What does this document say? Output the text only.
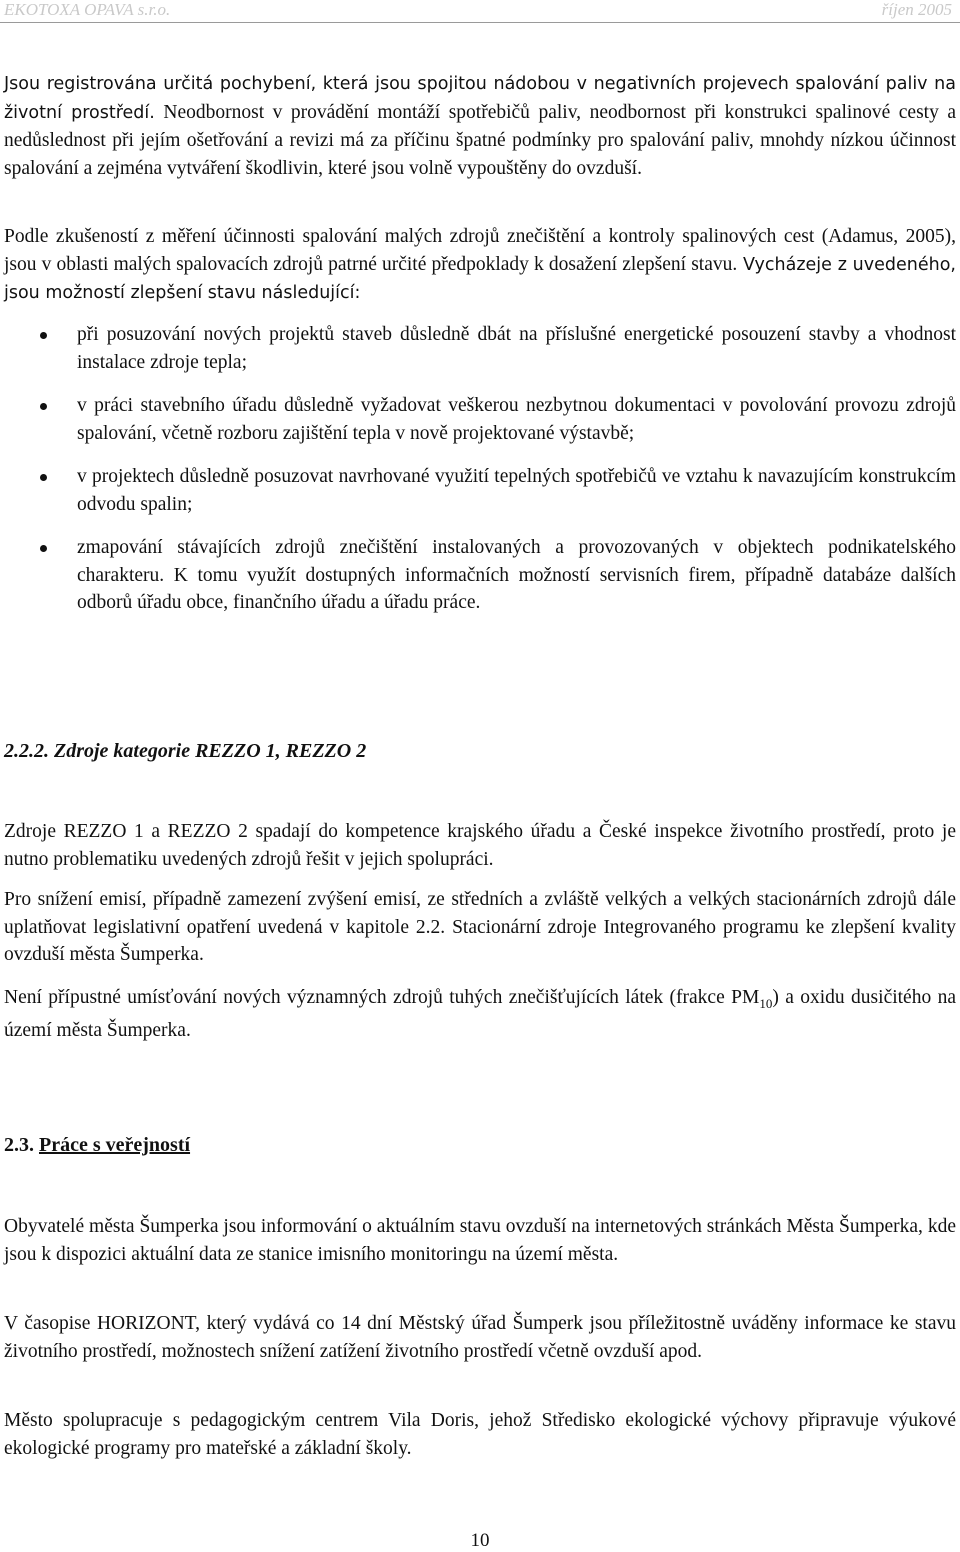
EKOTOXA OPAVA s.r.o.	říjen 2005

Jsou registrována určitá pochybení, která jsou spojitou nádobou v negativních projevech spalování paliv na životní prostředí. Neodbornost v provádění montáží spotřebičů paliv, neodbornost při konstrukci spalinové cesty a nedůslednost při jejím ošetřování a revizi má za příčinu špatné podmínky pro spalování paliv, mnohdy nízkou účinnost spalování a zejména vytváření škodlivin, které jsou volně vypouštěny do ovzduší.

Podle zkušeností z měření účinnosti spalování malých zdrojů znečištění a kontroly spalinových cest (Adamus, 2005), jsou v oblasti malých spalovacích zdrojů patrné určité předpoklady k dosažení zlepšení stavu. Vycházeje z uvedeného, jsou možností zlepšení stavu následující:

při posuzování nových projektů staveb důsledně dbát na příslušné energetické posouzení stavby a vhodnost instalace zdroje tepla;
v práci stavebního úřadu důsledně vyžadovat veškerou nezbytnou dokumentaci v povolování provozu zdrojů spalování, včetně rozboru zajištění tepla v nově projektované výstavbě;
v projektech důsledně posuzovat navrhované využití tepelných spotřebičů ve vztahu k navazujícím konstrukcím odvodu spalin;
zmapování stávajících zdrojů znečištění instalovaných a provozovaných v objektech podnikatelského charakteru. K tomu využít dostupných informačních možností servisních firem, případně databáze dalších odborů úřadu obce, finančního úřadu a úřadu práce.
2.2.2. Zdroje kategorie REZZO 1, REZZO 2

Zdroje REZZO 1 a REZZO 2 spadají do kompetence krajského úřadu a České inspekce životního prostředí, proto je nutno problematiku uvedených zdrojů řešit v jejich spolupráci.

Pro snížení emisí, případně zamezení zvýšení emisí, ze středních a zvláště velkých a velkých stacionárních zdrojů dále uplatňovat legislativní opatření uvedená v kapitole 2.2. Stacionární zdroje Integrovaného programu ke zlepšení kvality ovzduší města Šumperka.

Není přípustné umísťování nových významných zdrojů tuhých znečišťujících látek (frakce $PM_{10}$) a oxidu dusičitého na území města Šumperka.

2.3. Práce s veřejností

Obyvatelé města Šumperka jsou informování o aktuálním stavu ovzduší na internetových stránkách Města Šumperka, kde jsou k dispozici aktuální data ze stanice imisního monitoringu na území města.

V časopise HORIZONT, který vydává co 14 dní Městský úřad Šumperk jsou příležitostně uváděny informace ke stavu životního prostředí, možnostech snížení zatížení životního prostředí včetně ovzduší apod.

Město spolupracuje s pedagogickým centrem Vila Doris, jehož Středisko ekologické výchovy připravuje výukové ekologické programy pro mateřské a základní školy.

10
